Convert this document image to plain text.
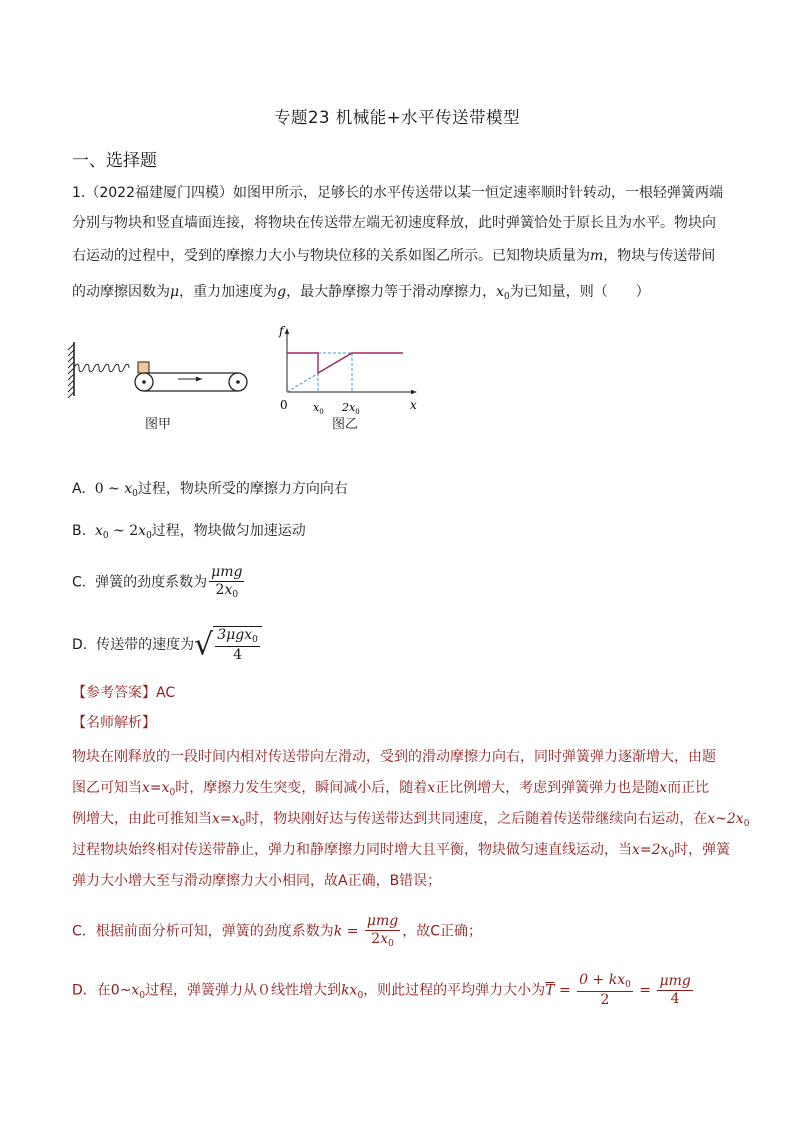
专题23 机械能+水平传送带模型
一、选择题
1.（2022福建厦门四模）如图甲所示，足够长的水平传送带以某一恒定速率顺时针转动，一根轻弹簧两端
分别与物块和竖直墙面连接，将物块在传送带左端无初速度释放，此时弹簧恰处于原长且为水平。物块向
右运动的过程中，受到的摩擦力大小与物块位移的关系如图乙所示。已知物块质量为m，物块与传送带间
的动摩擦因数为μ，重力加速度为g，最大静摩擦力等于滑动摩擦力，$x_0$为已知量，则（　　）
图甲
f
x
0 $x_0$ $2x_0$
图乙
A. 0 ~ $x_0$过程，物块所受的摩擦力方向向右
B. $x_0$ ~ $2x_0$过程，物块做匀加速运动
C. 弹簧的劲度系数为 $\frac{\text{μmg}}{2x_0}$
D. 传送带的速度为√ $\frac{3\mu gx_0}{4}$
【参考答案】AC
【名师解析】
物块在刚释放的一段时间内相对传送带向左滑动，受到的滑动摩擦力向右，同时弹簧弹力逐渐增大，由题
图乙可知当$x=x_0$时，摩擦力发生突变，瞬间减小后，随着x正比例增大，考虑到弹簧弹力也是随x而正比
例增大，由此可推知当$x=x_0$时，物块刚好达与传送带达到共同速度，之后随着传送带继续向右运动，在$x\sim 2x_0$
过程物块始终相对传送带静止，弹力和静摩擦力同时增大且平衡，物块做匀速直线运动，当$x=2x_0$时，弹簧
弹力大小增大至与滑动摩擦力大小相同，故A正确，B错误；
C．根据前面分析可知，弹簧的劲度系数为$k = \frac{\text{μmg}}{2x_0}$ ，故C正确；
D．在$0\sim x_0$过程，弹簧弹力从０线性增大到$kx_0$，则此过程的平均弹力大小为$\overline{T} = \frac{0 + kx_0}{2} = \frac{\text{μmg}}{4}$
